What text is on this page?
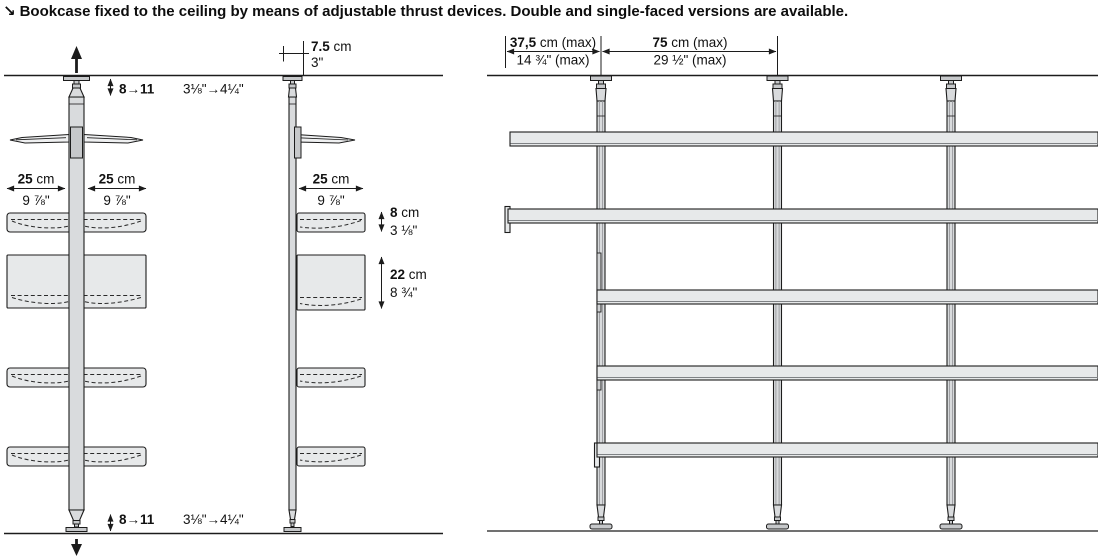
↘ Bookcase fixed to the ceiling by means of adjustable thrust devices. Double and single-faced versions are available.
8→11 3⅛"→4¼"
8→11 3⅛"→4¼"
25 cm
9 ⅞"
25 cm
9 ⅞"
7.5 cm
3"
25 cm
9 ⅞"
8 cm
3 ⅛"
22 cm
8 ¾"
37,5 cm (max)
14 ¾" (max)
75 cm (max)
29 ½" (max)
